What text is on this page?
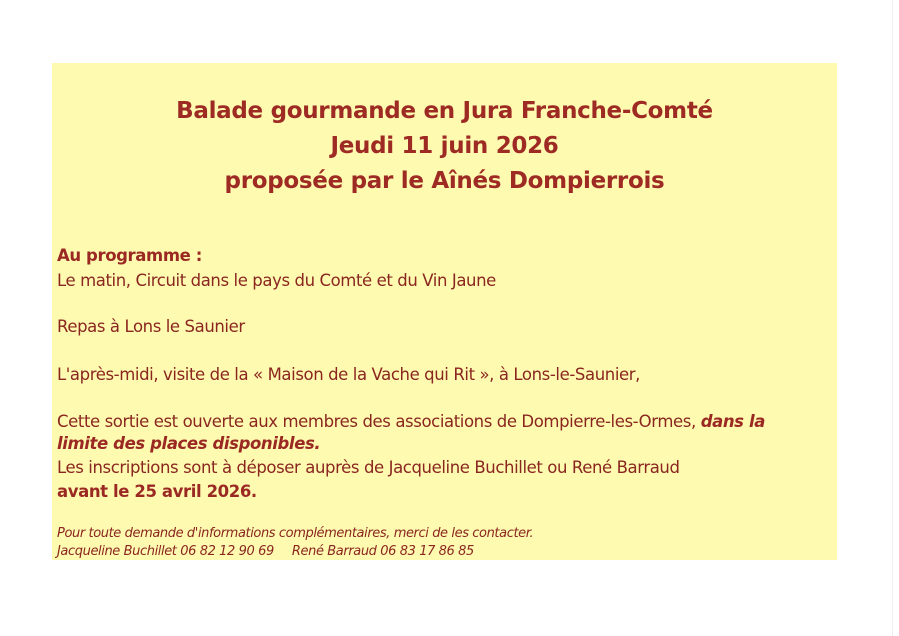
Balade gourmande en Jura Franche-Comté
Jeudi 11 juin 2026
proposée par le Aînés Dompierrois

Au programme :

Le matin, Circuit dans le pays du Comté et du Vin Jaune

Repas à Lons le Saunier

L'après-midi, visite de la « Maison de la Vache qui Rit », à Lons-le-Saunier,

Cette sortie est ouverte aux membres des associations de Dompierre-les-Ormes, dans la

limite des places disponibles.

Les inscriptions sont à déposer auprès de Jacqueline Buchillet ou René Barraud

avant le 25 avril 2026.

Pour toute demande d'informations complémentaires, merci de les contacter.

Jacqueline Buchillet 06 82 12 90 69 René Barraud 06 83 17 86 85
